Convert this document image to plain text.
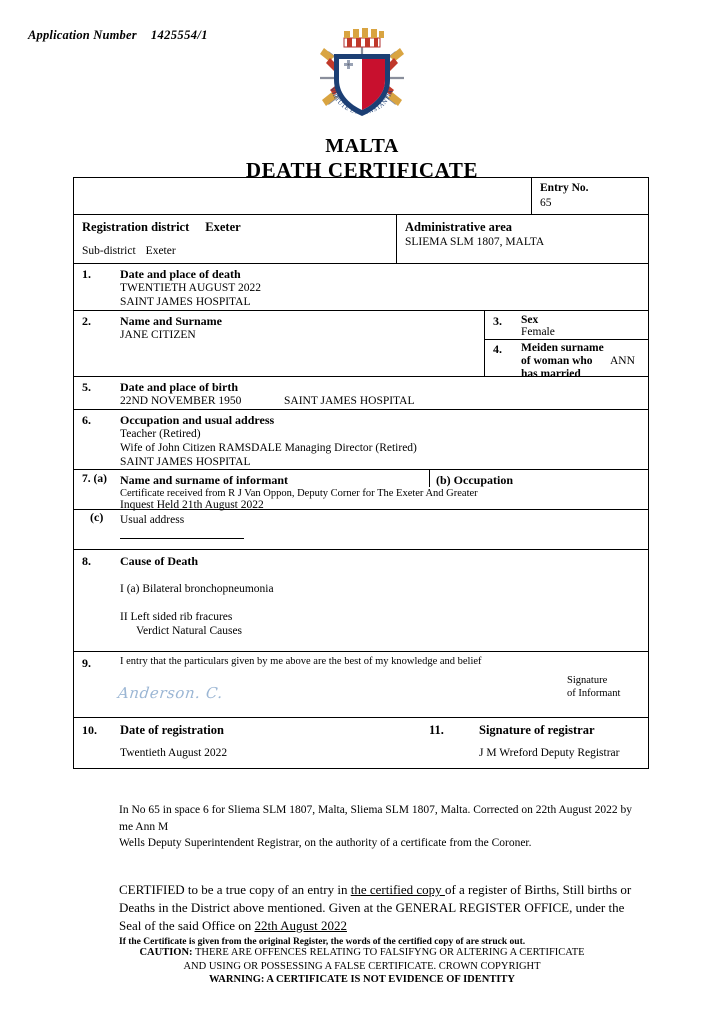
Application Number 1425554/1
VIRTUTE ET CONSTANTIA
MALTA
DEATH CERTIFICATE
Entry No.
65
Registration district Exeter
Sub-district Exeter
Administrative area
SLIEMA SLM 1807, MALTA
1. Date and place of death
TWENTIETH AUGUST 2022
SAINT JAMES HOSPITAL
2. Name and Surname
JANE CITIZEN
3. Sex
Female
4. Meiden surname
of woman who
has married
ANN
5. Date and place of birth
22ND NOVEMBER 1950	SAINT JAMES HOSPITAL
6. Occupation and usual address
Teacher (Retired)
Wife of John Citizen RAMSDALE Managing Director (Retired)
SAINT JAMES HOSPITAL
7. (a) Name and surname of informant	(b) Occupation
Certificate received from R J Van Oppon, Deputy Corner for The Exeter And Greater
Inquest Held 21th August 2022
(c) Usual address
8. Cause of Death
I (a) Bilateral bronchopneumonia
II Left sided rib fracures
Verdict Natural Causes
9.	I entry that the particulars given by me above are the best of my knowledge and belief
Signature
of Informant
Anderson. C.
10. Date of registration
Twentieth August 2022
11.	Signature of registrar
J M Wreford Deputy Registrar
In No 65 in space 6 for Sliema SLM 1807, Malta, Sliema SLM 1807, Malta. Corrected on 22th August 2022 by me Ann M
Wells Deputy Superintendent Registrar, on the authority of a certificate from the Coroner.
CERTIFIED to be a true copy of an entry in the certified copy of a register of Births, Still births or Deaths in the District above mentioned. Given at the GENERAL REGISTER OFFICE, under the Seal of the said Office on 22th August 2022
If the Certificate is given from the original Register, the words of the certified copy of are struck out.
CAUTION: THERE ARE OFFENCES RELATING TO FALSIFYNG OR ALTERING A CERTIFICATE
AND USING OR POSSESSING A FALSE CERTIFICATE. CROWN COPYRIGHT
WARNING: A CERTIFICATE IS NOT EVIDENCE OF IDENTITY
